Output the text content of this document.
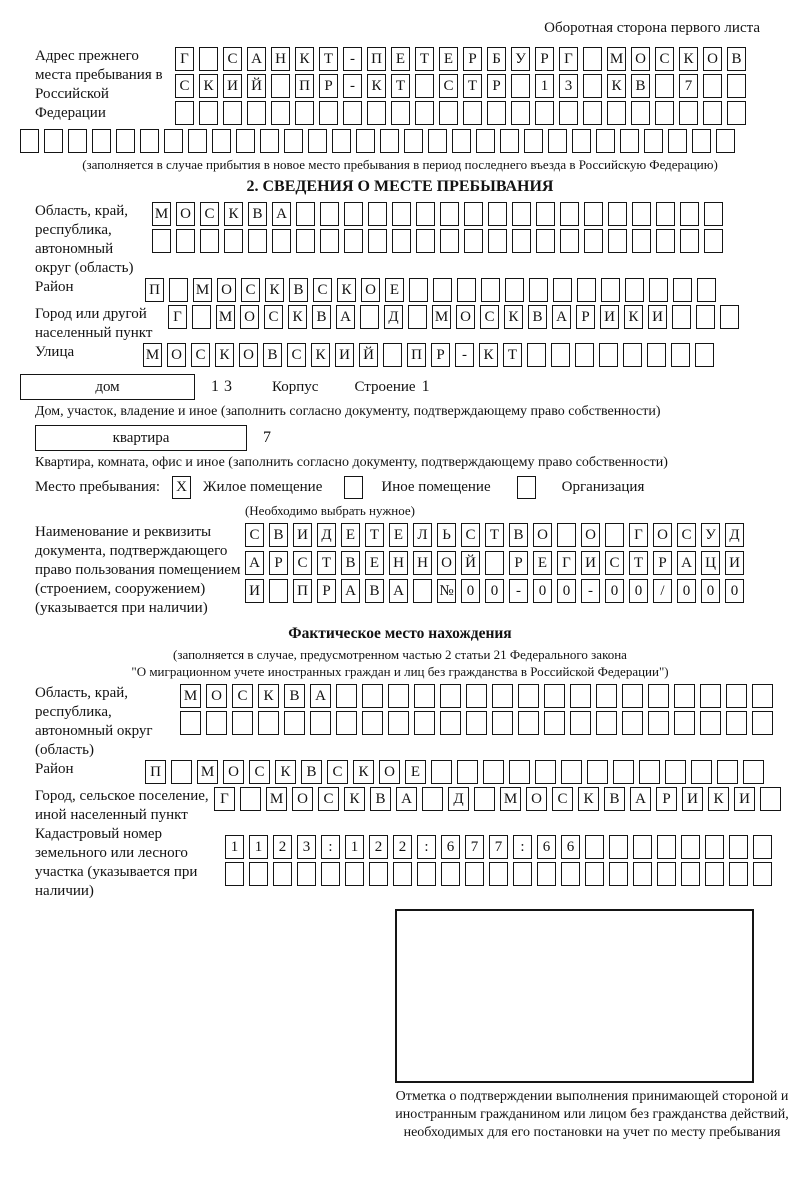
Оборотная сторона первого листа
Адрес прежнего места пребывания в Российской Федерации
Г	С А Н К Т	-	П Е Т Е	Р	Б У Р	Г	М О С К О В
С К И Й П Р	-	К Т	С Т	Р	1	3	К В	7
(заполняется в случае прибытия в новое место пребывания в период последнего въезда в Российскую Федерацию)
2. СВЕДЕНИЯ О МЕСТЕ ПРЕБЫВАНИЯ
Область, край, республика, автономный округ (область)
М О С К В А
Район	П М О С К В С К О Е
Город или другой населенный пункт
Г	М О С К В А Д М О С К В А Р И К И
Улица	М О С К О В С К И Й П Р	-	К Т
дом	1 3	Корпус Строение 1
Дом, участок, владение и иное (заполнить согласно документу, подтверждающему право собственности)
квартира	7
Квартира, комната, офис и иное (заполнить согласно документу, подтверждающему право собственности)
Место пребывания: X Жилое помещение	Иное помещение	Организация
(Необходимо выбрать нужное)
Наименование и реквизиты документа, подтверждающего право пользования помещением (строением, сооружением) (указывается при наличии)
С В И Д Е Т Е Л Ь С Т В О О	Г О С У Д
А Р С Т В Е Н Н О Й	Р	Е	Г И С Т	Р А Ц И
И П Р А В А № 0	0	-	0	0	-	0	0	/	0	0	0
Фактическое место нахождения
(заполняется в случае, предусмотренном частью 2 статьи 21 Федерального закона
"О миграционном учете иностранных граждан и лиц без гражданства в Российской Федерации")
Область, край, республика, автономный округ (область)
М О	С	К	В	А
Район	П	М О	С	К	В	С	К	О	Е
Город, сельское поселение, иной населенный пункт
Г	М О	С	К	В	А	Д	М О	С	К	В	А	Р	И	К	И
Кадастровый номер земельного или лесного участка (указывается при наличии)
1	1	2	3	:	1	2	2	:	6	7	7	:	6	6
Отметка о подтверждении выполнения принимающей стороной и иностранным гражданином или лицом без гражданства действий, необходимых для его постановки на учет по месту пребывания
